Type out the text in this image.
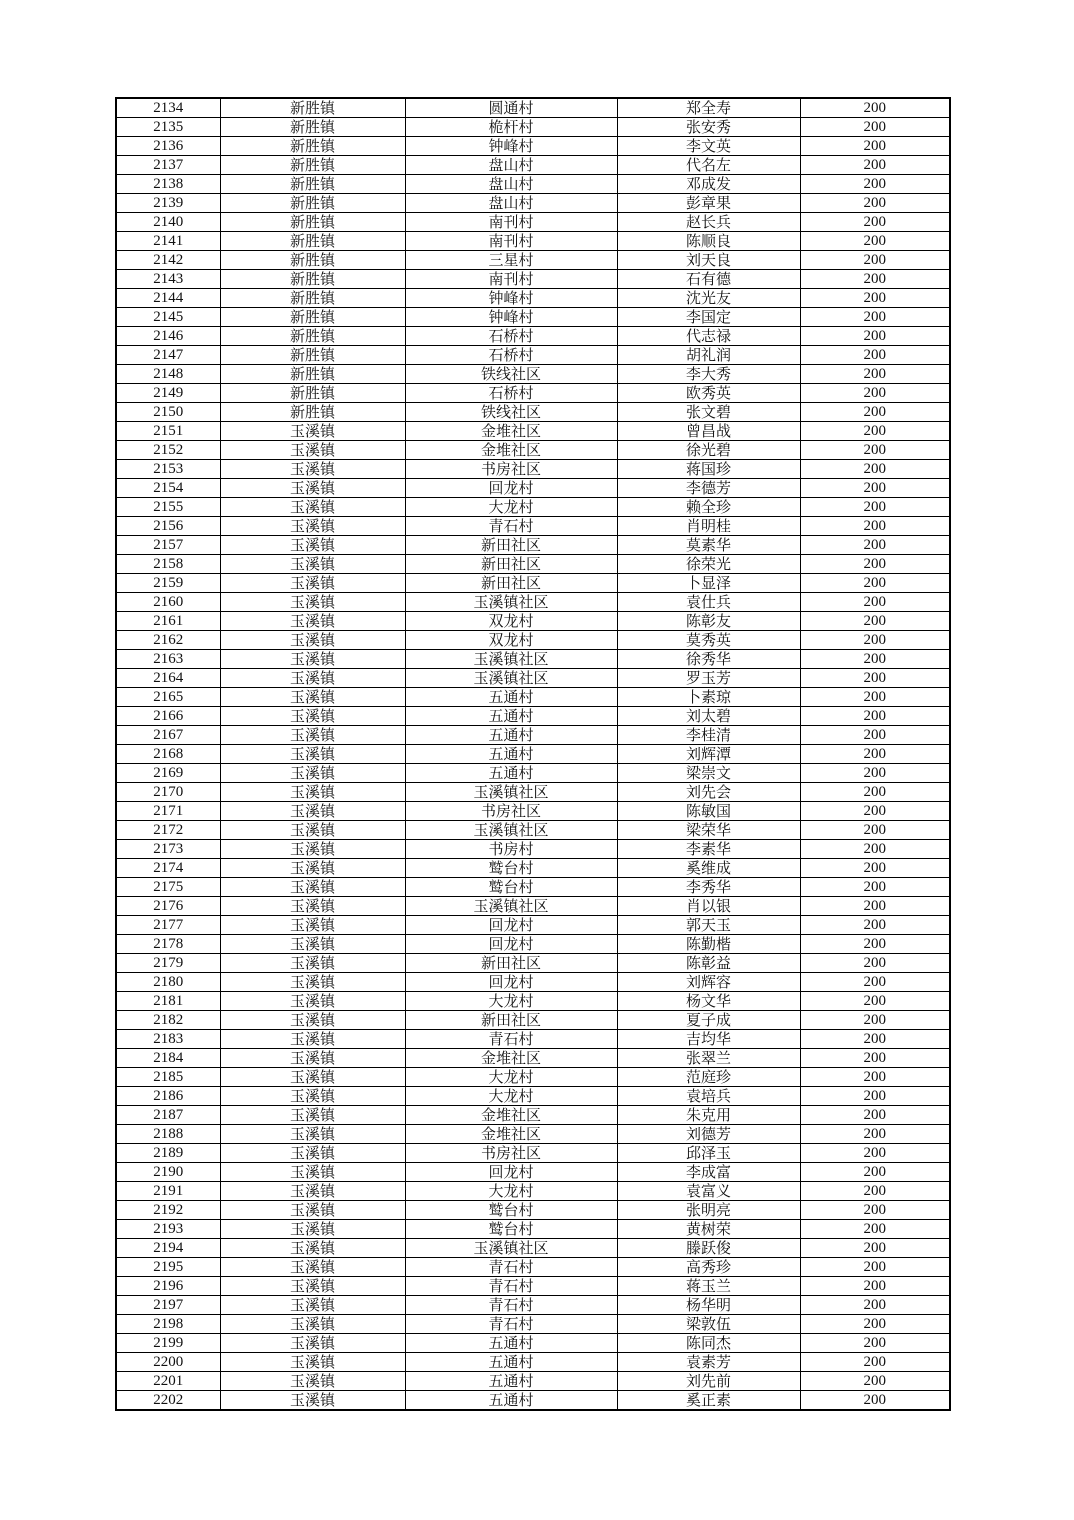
2134	新胜镇	圆通村	郑全寿	200
2135	新胜镇	桅杆村	张安秀	200
2136	新胜镇	钟峰村	李文英	200
2137	新胜镇	盘山村	代名左	200
2138	新胜镇	盘山村	邓成发	200
2139	新胜镇	盘山村	彭章果	200
2140	新胜镇	南刊村	赵长兵	200
2141	新胜镇	南刊村	陈顺良	200
2142	新胜镇	三星村	刘天良	200
2143	新胜镇	南刊村	石有德	200
2144	新胜镇	钟峰村	沈光友	200
2145	新胜镇	钟峰村	李国定	200
2146	新胜镇	石桥村	代志禄	200
2147	新胜镇	石桥村	胡礼润	200
2148	新胜镇	铁线社区	李大秀	200
2149	新胜镇	石桥村	欧秀英	200
2150	新胜镇	铁线社区	张文碧	200
2151	玉溪镇	金堆社区	曾昌战	200
2152	玉溪镇	金堆社区	徐光碧	200
2153	玉溪镇	书房社区	蒋国珍	200
2154	玉溪镇	回龙村	李德芳	200
2155	玉溪镇	大龙村	赖全珍	200
2156	玉溪镇	青石村	肖明桂	200
2157	玉溪镇	新田社区	莫素华	200
2158	玉溪镇	新田社区	徐荣光	200
2159	玉溪镇	新田社区	卜显泽	200
2160	玉溪镇	玉溪镇社区	袁仕兵	200
2161	玉溪镇	双龙村	陈彰友	200
2162	玉溪镇	双龙村	莫秀英	200
2163	玉溪镇	玉溪镇社区	徐秀华	200
2164	玉溪镇	玉溪镇社区	罗玉芳	200
2165	玉溪镇	五通村	卜素琼	200
2166	玉溪镇	五通村	刘太碧	200
2167	玉溪镇	五通村	李桂清	200
2168	玉溪镇	五通村	刘辉潭	200
2169	玉溪镇	五通村	梁崇文	200
2170	玉溪镇	玉溪镇社区	刘先会	200
2171	玉溪镇	书房社区	陈敏国	200
2172	玉溪镇	玉溪镇社区	梁荣华	200
2173	玉溪镇	书房村	李素华	200
2174	玉溪镇	鹫台村	奚维成	200
2175	玉溪镇	鹫台村	李秀华	200
2176	玉溪镇	玉溪镇社区	肖以银	200
2177	玉溪镇	回龙村	郭天玉	200
2178	玉溪镇	回龙村	陈勤楷	200
2179	玉溪镇	新田社区	陈彰益	200
2180	玉溪镇	回龙村	刘辉容	200
2181	玉溪镇	大龙村	杨文华	200
2182	玉溪镇	新田社区	夏子成	200
2183	玉溪镇	青石村	吉均华	200
2184	玉溪镇	金堆社区	张翠兰	200
2185	玉溪镇	大龙村	范庭珍	200
2186	玉溪镇	大龙村	袁培兵	200
2187	玉溪镇	金堆社区	朱克用	200
2188	玉溪镇	金堆社区	刘德芳	200
2189	玉溪镇	书房社区	邱泽玉	200
2190	玉溪镇	回龙村	李成富	200
2191	玉溪镇	大龙村	袁富义	200
2192	玉溪镇	鹫台村	张明亮	200
2193	玉溪镇	鹫台村	黄树荣	200
2194	玉溪镇	玉溪镇社区	滕跃俊	200
2195	玉溪镇	青石村	高秀珍	200
2196	玉溪镇	青石村	蒋玉兰	200
2197	玉溪镇	青石村	杨华明	200
2198	玉溪镇	青石村	梁敦伍	200
2199	玉溪镇	五通村	陈同杰	200
2200	玉溪镇	五通村	袁素芳	200
2201	玉溪镇	五通村	刘先前	200
2202	玉溪镇	五通村	奚正素	200
